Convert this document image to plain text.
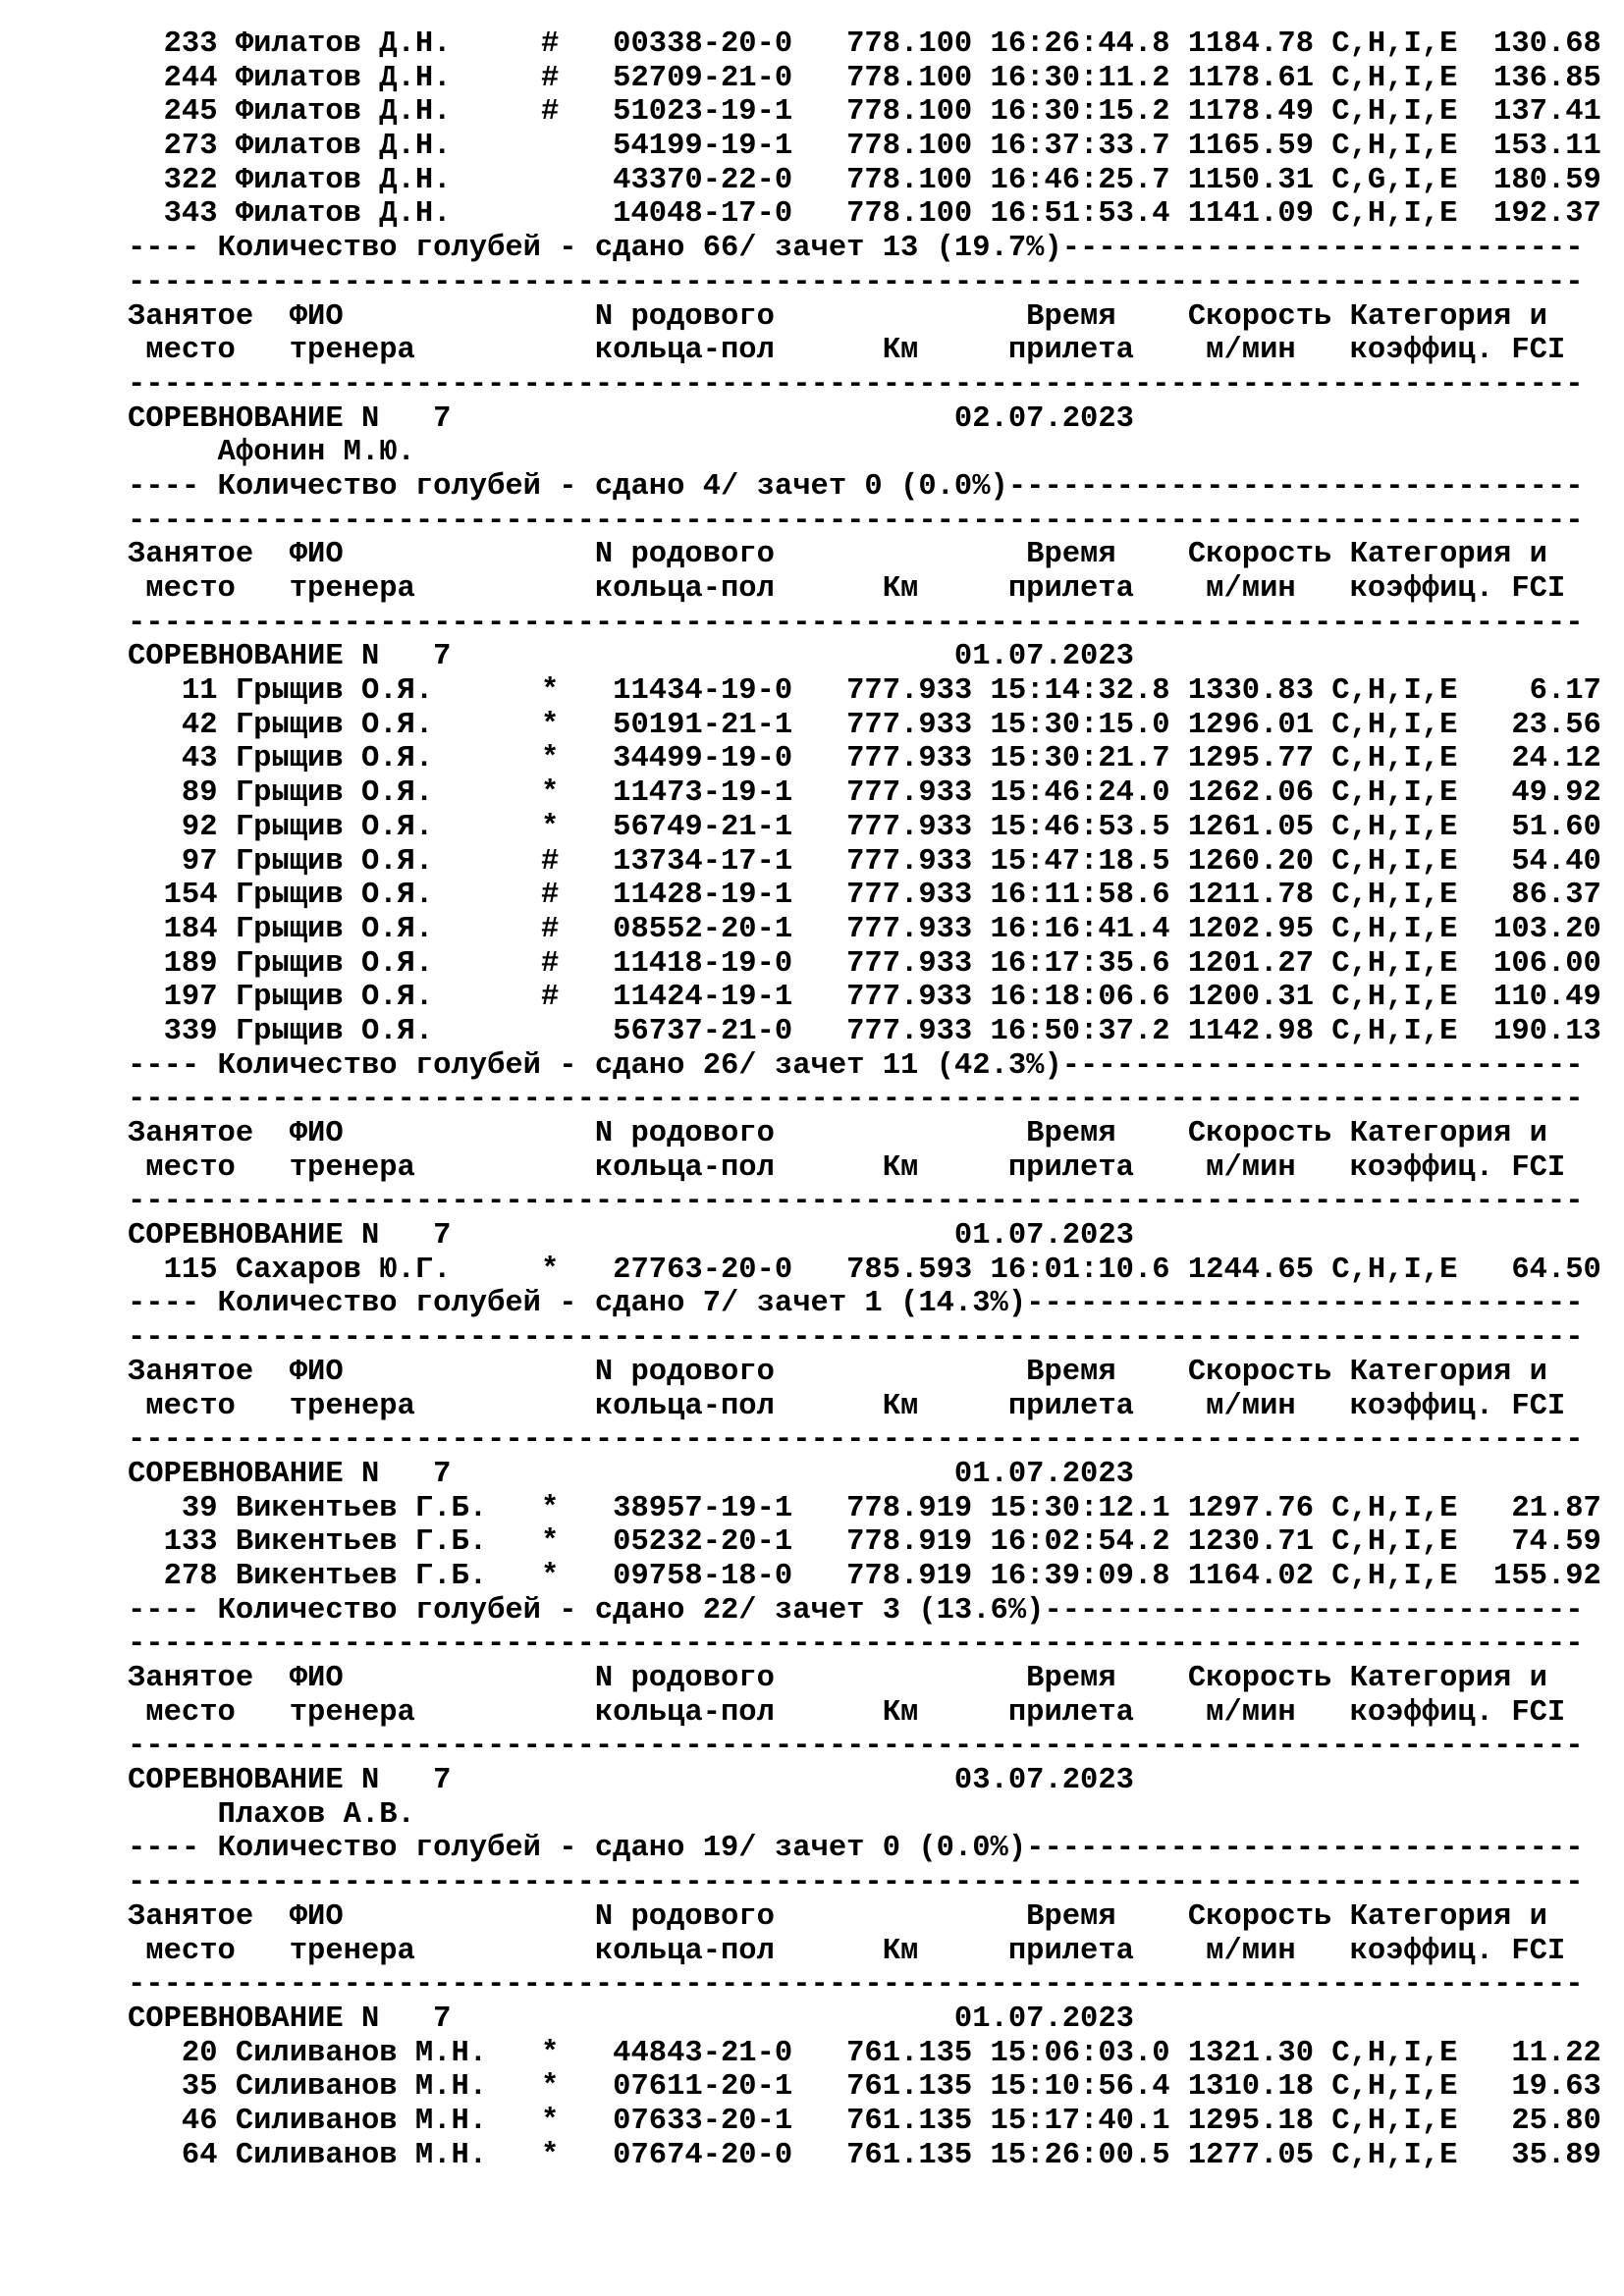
233 Филатов Д.Н.     #   00338-20-0   778.100 16:26:44.8 1184.78 C,H,I,E  130.68
244 Филатов Д.Н.     #   52709-21-0   778.100 16:30:11.2 1178.61 C,H,I,E  136.85
245 Филатов Д.Н.     #   51023-19-1   778.100 16:30:15.2 1178.49 C,H,I,E  137.41
273 Филатов Д.Н.         54199-19-1   778.100 16:37:33.7 1165.59 C,H,I,E  153.11
322 Филатов Д.Н.         43370-22-0   778.100 16:46:25.7 1150.31 C,G,I,E  180.59
343 Филатов Д.Н.         14048-17-0   778.100 16:51:53.4 1141.09 C,H,I,E  192.37
---- Количество голубей - сдано 66/ зачет 13 (19.7%)-----------------------------
---------------------------------------------------------------------------------
Занятое  ФИО              N родового              Время    Скорость Категория и
место   тренера          кольца-пол      Км     прилета    м/мин   коэффиц. FCI
---------------------------------------------------------------------------------
СОРЕВНОВАНИЕ N   7                            02.07.2023
Афонин М.Ю.
---- Количество голубей - сдано 4/ зачет 0 (0.0%)--------------------------------
---------------------------------------------------------------------------------
Занятое  ФИО              N родового              Время    Скорость Категория и
место   тренера          кольца-пол      Км     прилета    м/мин   коэффиц. FCI
---------------------------------------------------------------------------------
СОРЕВНОВАНИЕ N   7                            01.07.2023
11 Грыщив О.Я.      *   11434-19-0   777.933 15:14:32.8 1330.83 C,H,I,E    6.17
42 Грыщив О.Я.      *   50191-21-1   777.933 15:30:15.0 1296.01 C,H,I,E   23.56
43 Грыщив О.Я.      *   34499-19-0   777.933 15:30:21.7 1295.77 C,H,I,E   24.12
89 Грыщив О.Я.      *   11473-19-1   777.933 15:46:24.0 1262.06 C,H,I,E   49.92
92 Грыщив О.Я.      *   56749-21-1   777.933 15:46:53.5 1261.05 C,H,I,E   51.60
97 Грыщив О.Я.      #   13734-17-1   777.933 15:47:18.5 1260.20 C,H,I,E   54.40
154 Грыщив О.Я.      #   11428-19-1   777.933 16:11:58.6 1211.78 C,H,I,E   86.37
184 Грыщив О.Я.      #   08552-20-1   777.933 16:16:41.4 1202.95 C,H,I,E  103.20
189 Грыщив О.Я.      #   11418-19-0   777.933 16:17:35.6 1201.27 C,H,I,E  106.00
197 Грыщив О.Я.      #   11424-19-1   777.933 16:18:06.6 1200.31 C,H,I,E  110.49
339 Грыщив О.Я.          56737-21-0   777.933 16:50:37.2 1142.98 C,H,I,E  190.13
---- Количество голубей - сдано 26/ зачет 11 (42.3%)-----------------------------
---------------------------------------------------------------------------------
Занятое  ФИО              N родового              Время    Скорость Категория и
место   тренера          кольца-пол      Км     прилета    м/мин   коэффиц. FCI
---------------------------------------------------------------------------------
СОРЕВНОВАНИЕ N   7                            01.07.2023
115 Сахаров Ю.Г.     *   27763-20-0   785.593 16:01:10.6 1244.65 C,H,I,E   64.50
---- Количество голубей - сдано 7/ зачет 1 (14.3%)-------------------------------
---------------------------------------------------------------------------------
Занятое  ФИО              N родового              Время    Скорость Категория и
место   тренера          кольца-пол      Км     прилета    м/мин   коэффиц. FCI
---------------------------------------------------------------------------------
СОРЕВНОВАНИЕ N   7                            01.07.2023
39 Викентьев Г.Б.   *   38957-19-1   778.919 15:30:12.1 1297.76 C,H,I,E   21.87
133 Викентьев Г.Б.   *   05232-20-1   778.919 16:02:54.2 1230.71 C,H,I,E   74.59
278 Викентьев Г.Б.   *   09758-18-0   778.919 16:39:09.8 1164.02 C,H,I,E  155.92
---- Количество голубей - сдано 22/ зачет 3 (13.6%)------------------------------
---------------------------------------------------------------------------------
Занятое  ФИО              N родового              Время    Скорость Категория и
место   тренера          кольца-пол      Км     прилета    м/мин   коэффиц. FCI
---------------------------------------------------------------------------------
СОРЕВНОВАНИЕ N   7                            03.07.2023
Плахов А.В.
---- Количество голубей - сдано 19/ зачет 0 (0.0%)-------------------------------
---------------------------------------------------------------------------------
Занятое  ФИО              N родового              Время    Скорость Категория и
место   тренера          кольца-пол      Км     прилета    м/мин   коэффиц. FCI
---------------------------------------------------------------------------------
СОРЕВНОВАНИЕ N   7                            01.07.2023
20 Силиванов М.Н.   *   44843-21-0   761.135 15:06:03.0 1321.30 C,H,I,E   11.22
35 Силиванов М.Н.   *   07611-20-1   761.135 15:10:56.4 1310.18 C,H,I,E   19.63
46 Силиванов М.Н.   *   07633-20-1   761.135 15:17:40.1 1295.18 C,H,I,E   25.80
64 Силиванов М.Н.   *   07674-20-0   761.135 15:26:00.5 1277.05 C,H,I,E   35.89
